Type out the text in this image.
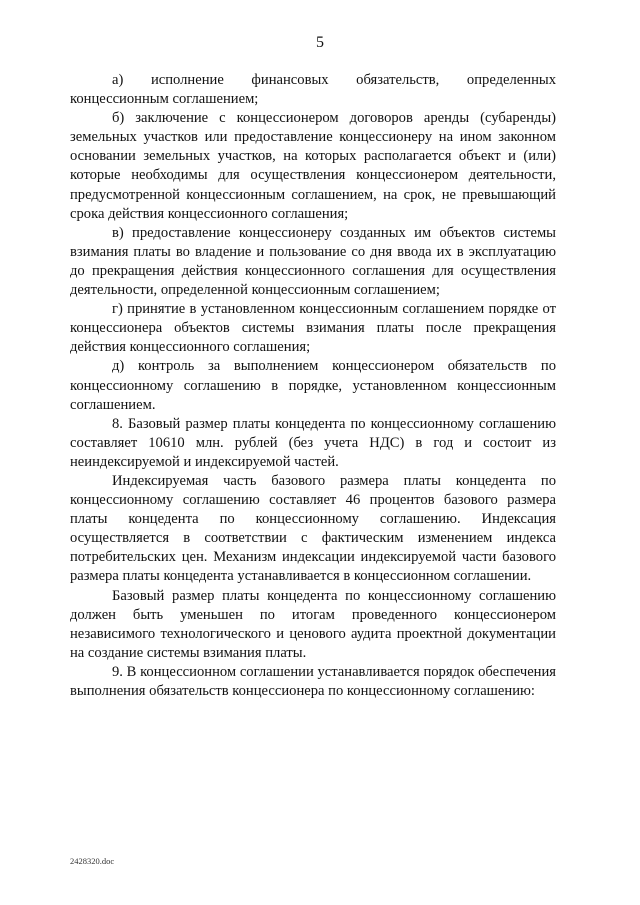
5

а) исполнение финансовых обязательств, определенных концессионным соглашением;

б) заключение с концессионером договоров аренды (субаренды) земельных участков или предоставление концессионеру на ином законном основании земельных участков, на которых располагается объект и (или) которые необходимы для осуществления концессионером деятельности, предусмотренной концессионным соглашением, на срок, не превышающий срока действия концессионного соглашения;

в) предоставление концессионеру созданных им объектов системы взимания платы во владение и пользование со дня ввода их в эксплуатацию до прекращения действия концессионного соглашения для осуществления деятельности, определенной концессионным соглашением;

г) принятие в установленном концессионным соглашением порядке от концессионера объектов системы взимания платы после прекращения действия концессионного соглашения;

д) контроль за выполнением концессионером обязательств по концессионному соглашению в порядке, установленном концессионным соглашением.

8. Базовый размер платы концедента по концессионному соглашению составляет 10610 млн. рублей (без учета НДС) в год и состоит из неиндексируемой и индексируемой частей.

Индексируемая часть базового размера платы концедента по концессионному соглашению составляет 46 процентов базового размера платы концедента по концессионному соглашению. Индексация осуществляется в соответствии с фактическим изменением индекса потребительских цен. Механизм индексации индексируемой части базового размера платы концедента устанавливается в концессионном соглашении.

Базовый размер платы концедента по концессионному соглашению должен быть уменьшен по итогам проведенного концессионером независимого технологического и ценового аудита проектной документации на создание системы взимания платы.

9. В концессионном соглашении устанавливается порядок обеспечения выполнения обязательств концессионера по концессионному соглашению:

2428320.doc
